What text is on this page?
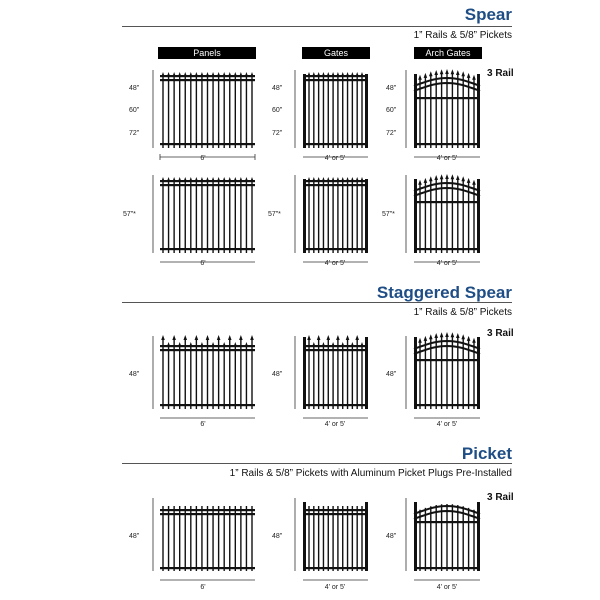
Spear
1” Rails & 5/8” Pickets
Panels	Gates	Arch Gates
3 Rail
Staggered Spear
1” Rails & 5/8” Pickets
3 Rail
Picket
1” Rails & 5/8” Pickets with Aluminum Picket Plugs Pre-Installed
3 Rail
48”
60”
72”
6'
48”
60”
72”
4' or 5'
48”
60”
72”
4' or 5'
57”*
6'
57”*
4' or 5'
57”*
4' or 5'
48”
6'
48”
4' or 5'
48”
4' or 5'
48”
6'
48”
4' or 5'
48”
4' or 5'
